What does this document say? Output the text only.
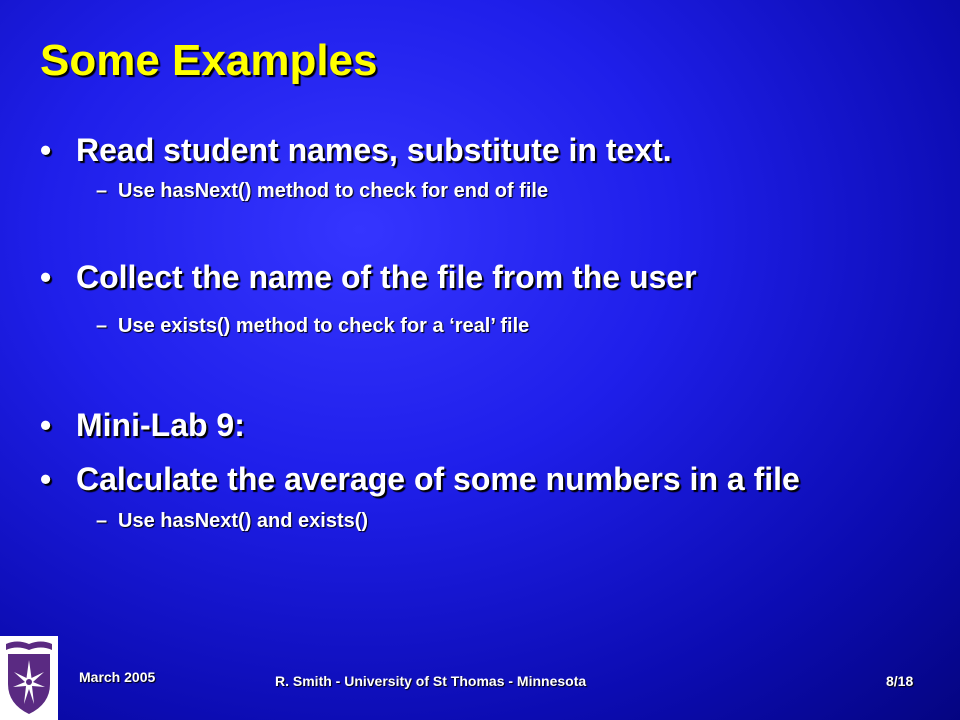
Some Examples
• Read student names, substitute in text.
– Use hasNext() method to check for end of file
• Collect the name of the file from the user
– Use exists() method to check for a ‘real’ file
• Mini-Lab 9:
• Calculate the average of some numbers in a file
– Use hasNext() and exists()
March 2005	R. Smith - University of St Thomas - Minnesota	8/18
